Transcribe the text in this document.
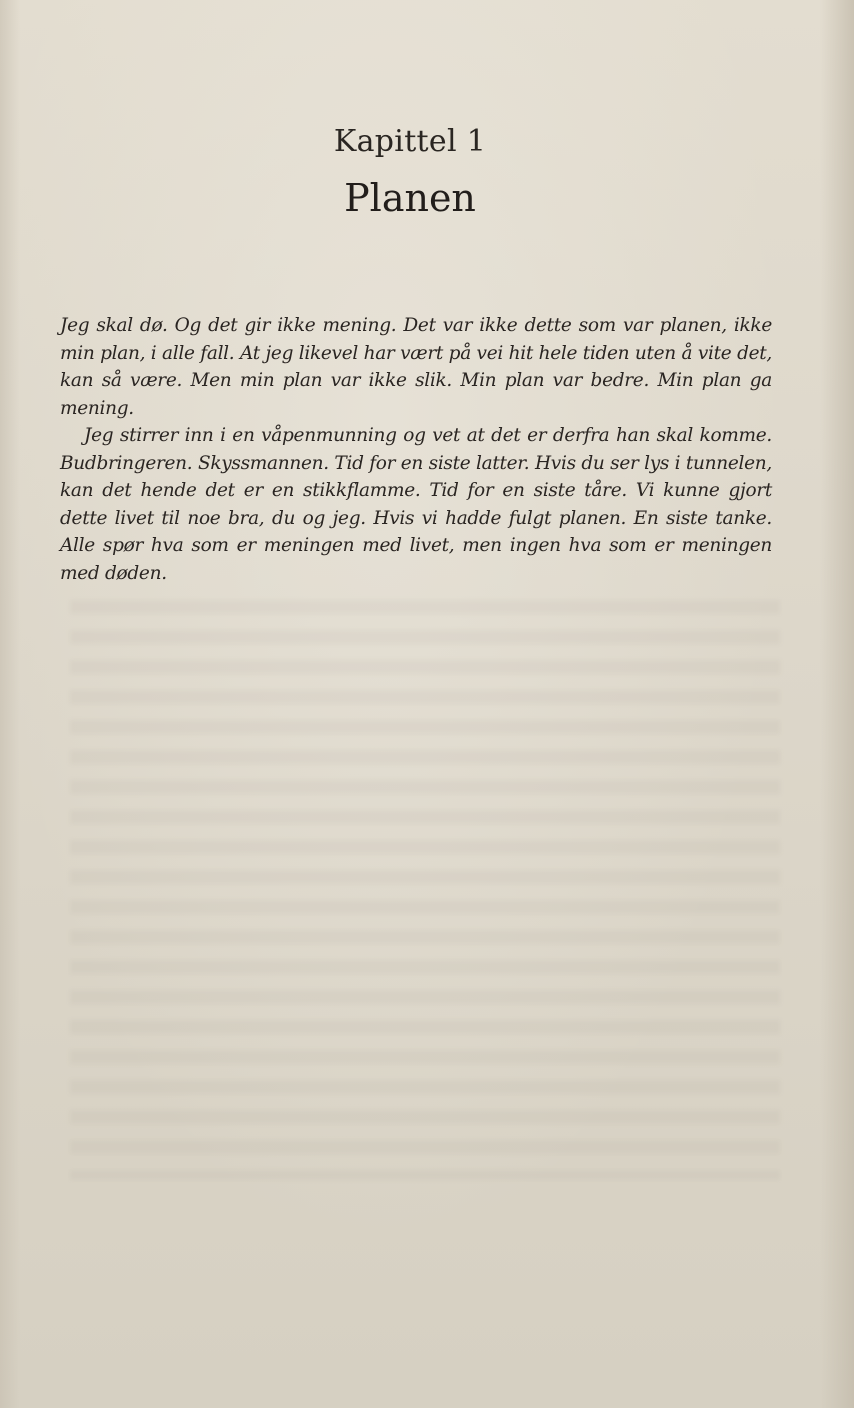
Kapittel 1
Planen

Jeg skal dø. Og det gir ikke mening. Det var ikke dette som var planen, ikke min plan, i alle fall. At jeg likevel har vært på vei hit hele tiden uten å vite det, kan så være. Men min plan var ikke slik. Min plan var bedre. Min plan ga mening.

Jeg stirrer inn i en våpenmunning og vet at det er derfra han skal komme. Budbringeren. Skyssmannen. Tid for en siste latter. Hvis du ser lys i tunnelen, kan det hende det er en stikkflamme. Tid for en siste tåre. Vi kunne gjort dette livet til noe bra, du og jeg. Hvis vi hadde fulgt planen. En siste tanke. Alle spør hva som er meningen med livet, men ingen hva som er meningen med døden.
